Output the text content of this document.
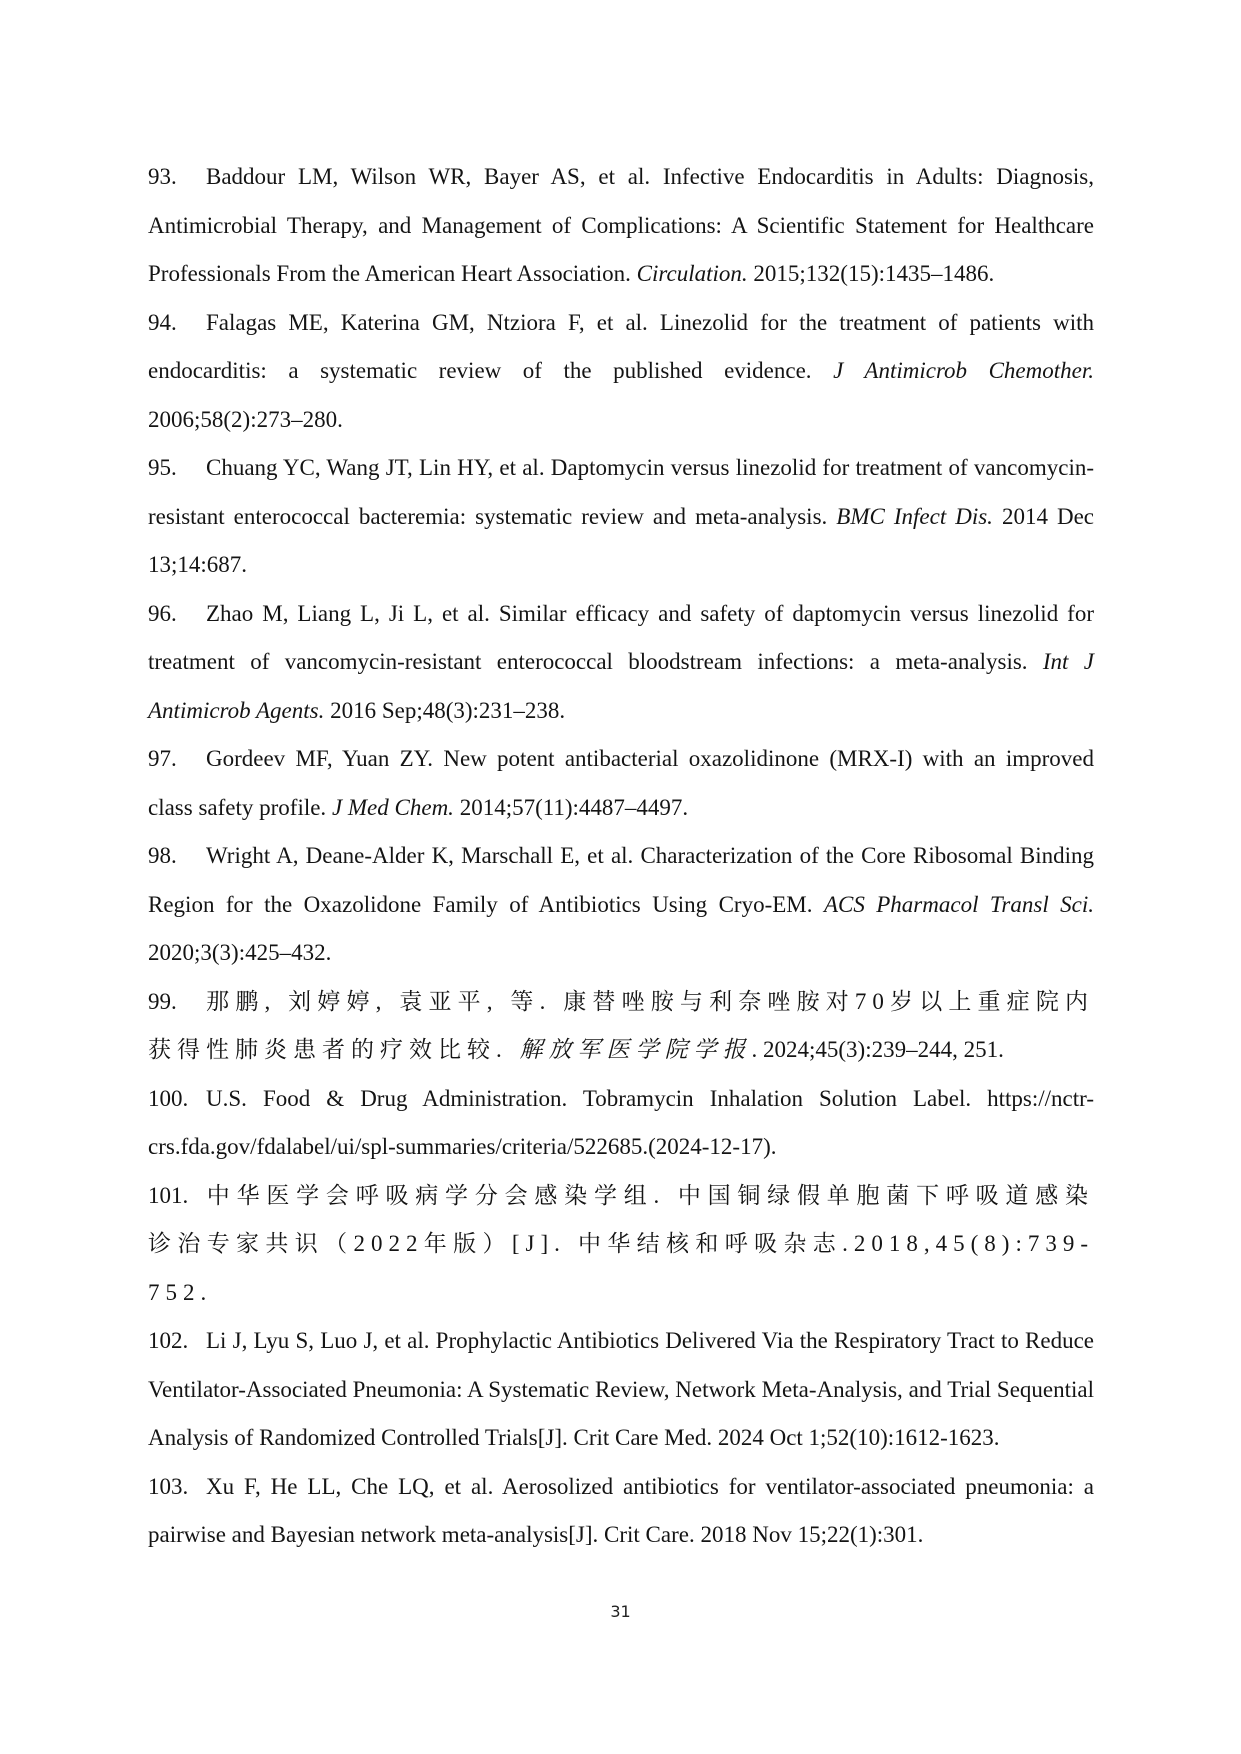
93. Baddour LM, Wilson WR, Bayer AS, et al. Infective Endocarditis in Adults: Diagnosis, Antimicrobial Therapy, and Management of Complications: A Scientific Statement for Healthcare Professionals From the American Heart Association. Circulation. 2015;132(15):1435–1486.

94. Falagas ME, Katerina GM, Ntziora F, et al. Linezolid for the treatment of patients with endocarditis: a systematic review of the published evidence. J Antimicrob Chemother. 2006;58(2):273–280.

95. Chuang YC, Wang JT, Lin HY, et al. Daptomycin versus linezolid for treatment of vancomycin-resistant enterococcal bacteremia: systematic review and meta-analysis. BMC Infect Dis. 2014 Dec 13;14:687.

96. Zhao M, Liang L, Ji L, et al. Similar efficacy and safety of daptomycin versus linezolid for treatment of vancomycin-resistant enterococcal bloodstream infections: a meta-analysis. Int J Antimicrob Agents. 2016 Sep;48(3):231–238.

97. Gordeev MF, Yuan ZY. New potent antibacterial oxazolidinone (MRX-I) with an improved class safety profile. J Med Chem. 2014;57(11):4487–4497.

98. Wright A, Deane-Alder K, Marschall E, et al. Characterization of the Core Ribosomal Binding Region for the Oxazolidone Family of Antibiotics Using Cryo-EM. ACS Pharmacol Transl Sci. 2020;3(3):425–432.

99. 那鹏, 刘婷婷, 袁亚平, 等. 康替唑胺与利奈唑胺对70岁以上重症院内获得性肺炎患者的疗效比较. 解放军医学院学报. 2024;45(3):239–244, 251.

100. U.S. Food & Drug Administration. Tobramycin Inhalation Solution Label. https://nctr-crs.fda.gov/fdalabel/ui/spl-summaries/criteria/522685.(2024-12-17).

101. 中华医学会呼吸病学分会感染学组. 中国铜绿假单胞菌下呼吸道感染诊治专家共识（2022年版）[J]. 中华结核和呼吸杂志.2018,45(8):739-752.

102. Li J, Lyu S, Luo J, et al. Prophylactic Antibiotics Delivered Via the Respiratory Tract to Reduce Ventilator-Associated Pneumonia: A Systematic Review, Network Meta-Analysis, and Trial Sequential Analysis of Randomized Controlled Trials[J]. Crit Care Med. 2024 Oct 1;52(10):1612-1623.

103. Xu F, He LL, Che LQ, et al. Aerosolized antibiotics for ventilator-associated pneumonia: a pairwise and Bayesian network meta-analysis[J]. Crit Care. 2018 Nov 15;22(1):301.

31
